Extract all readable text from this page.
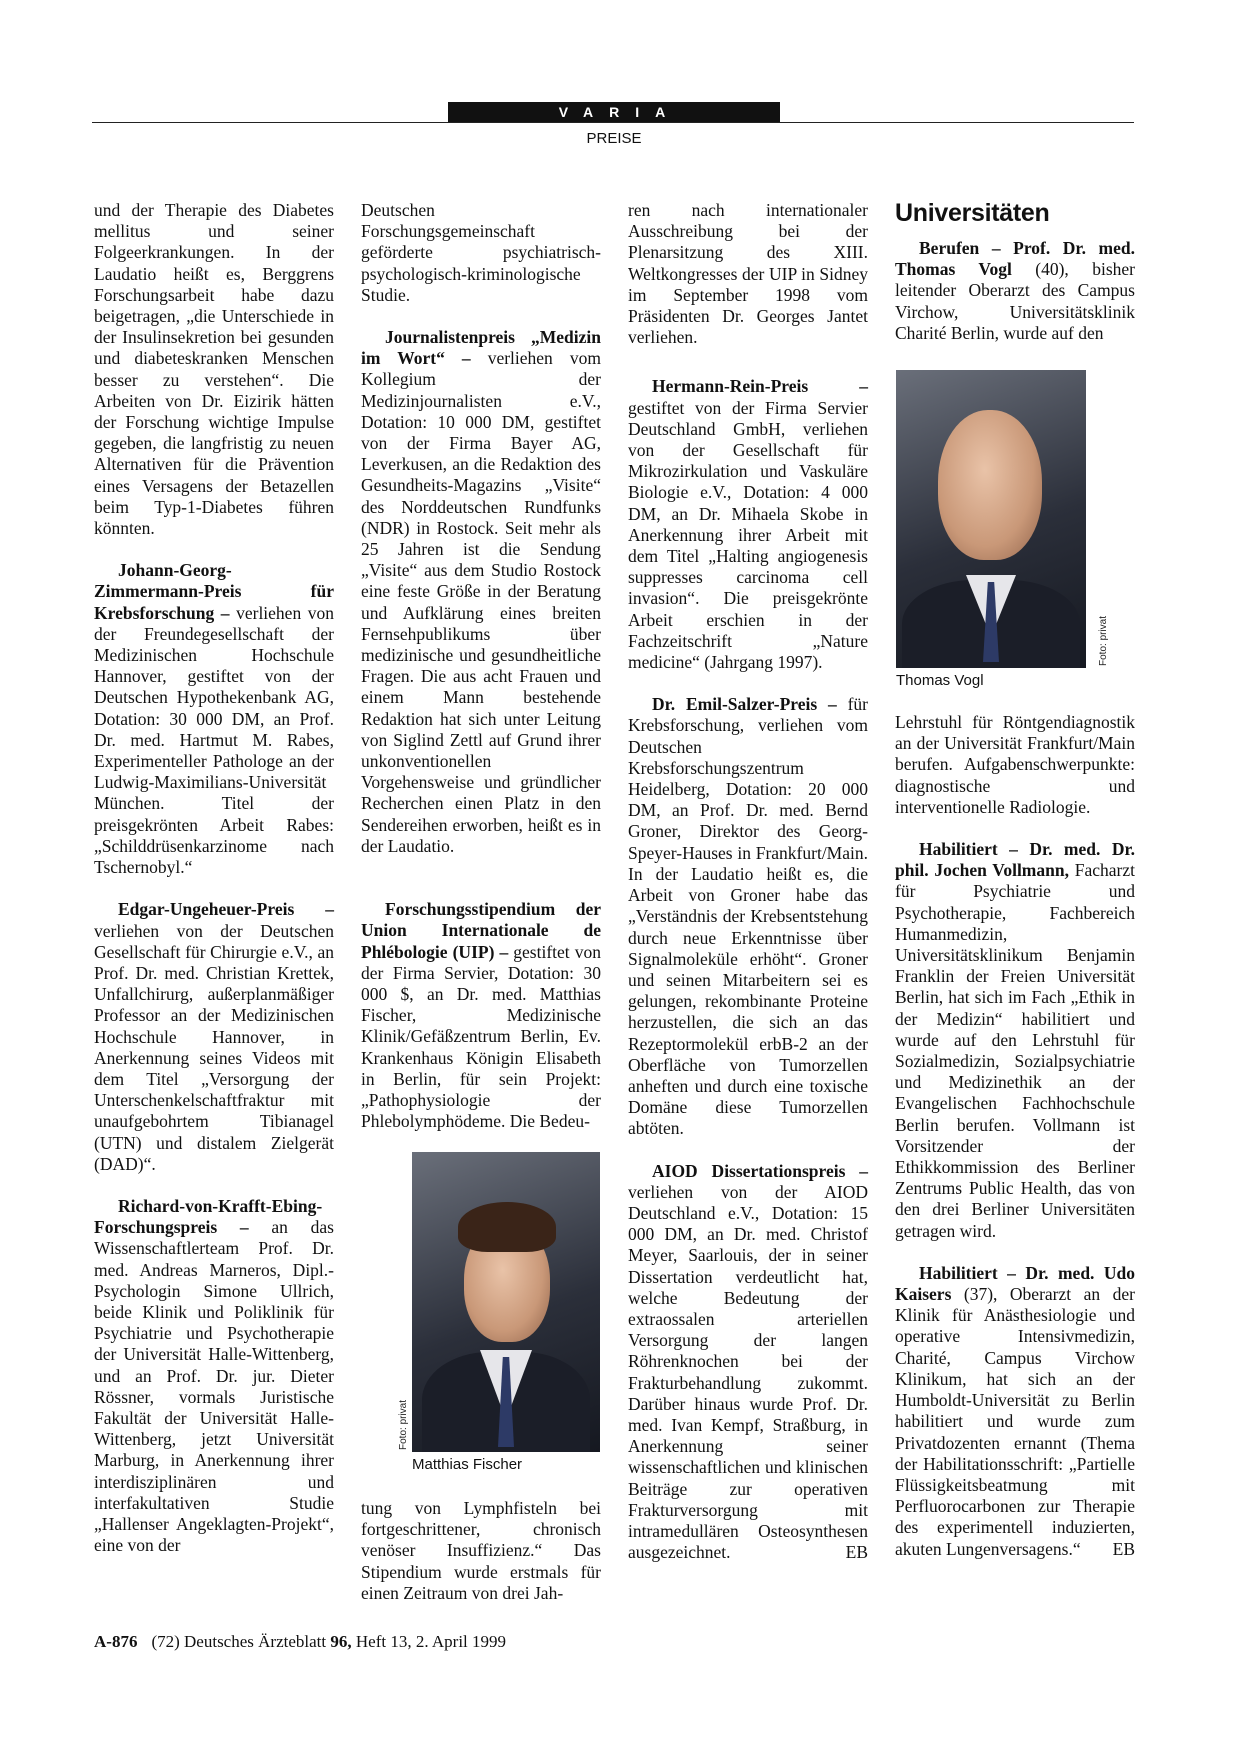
VARIA
PREISE

und der Therapie des Diabetes mellitus und seiner Folgeerkrankungen. In der Laudatio heißt es, Berggrens Forschungsarbeit habe dazu beigetragen, „die Unterschiede in der Insulinsekretion bei gesunden und diabeteskranken Menschen besser zu verstehen“. Die Arbeiten von Dr. Eizirik hätten der Forschung wichtige Impulse gegeben, die langfristig zu neuen Alternativen für die Prävention eines Versagens der Betazellen beim Typ-1-Diabetes führen könnten.

Johann-Georg-Zimmermann-Preis für Krebsforschung – verliehen von der Freundegesellschaft der Medizinischen Hochschule Hannover, gestiftet von der Deutschen Hypothekenbank AG, Dotation: 30 000 DM, an Prof. Dr. med. Hartmut M. Rabes, Experimenteller Pathologe an der Ludwig-Maximilians-Universität München. Titel der preisgekrönten Arbeit Rabes: „Schilddrüsenkarzinome nach Tschernobyl.“

Edgar-Ungeheuer-Preis – verliehen von der Deutschen Gesellschaft für Chirurgie e.V., an Prof. Dr. med. Christian Krettek, Unfallchirurg, außerplanmäßiger Professor an der Medizinischen Hochschule Hannover, in Anerkennung seines Videos mit dem Titel „Versorgung der Unterschenkelschaftfraktur mit unaufgebohrtem Tibianagel (UTN) und distalem Zielgerät (DAD)“.

Richard-von-Krafft-Ebing-Forschungspreis – an das Wissenschaftlerteam Prof. Dr. med. Andreas Marneros, Dipl.-Psychologin Simone Ullrich, beide Klinik und Poliklinik für Psychiatrie und Psychotherapie der Universität Halle-Wittenberg, und an Prof. Dr. jur. Dieter Rössner, vormals Juristische Fakultät der Universität Halle-Wittenberg, jetzt Universität Marburg, in Anerkennung ihrer interdisziplinären und interfakultativen Studie „Hallenser Angeklagten-Projekt“, eine von der

Deutschen Forschungsgemeinschaft geförderte psychiatrisch-psychologisch-kriminologische Studie.

Journalistenpreis „Medizin im Wort“ – verliehen vom Kollegium der Medizinjournalisten e.V., Dotation: 10 000 DM, gestiftet von der Firma Bayer AG, Leverkusen, an die Redaktion des Gesundheits-Magazins „Visite“ des Norddeutschen Rundfunks (NDR) in Rostock. Seit mehr als 25 Jahren ist die Sendung „Visite“ aus dem Studio Rostock eine feste Größe in der Beratung und Aufklärung eines breiten Fernsehpublikums über medizinische und gesundheitliche Fragen. Die aus acht Frauen und einem Mann bestehende Redaktion hat sich unter Leitung von Siglind Zettl auf Grund ihrer unkonventionellen Vorgehensweise und gründlicher Recherchen einen Platz in den Sendereihen erworben, heißt es in der Laudatio.

Forschungsstipendium der Union Internationale de Phlébologie (UIP) – gestiftet von der Firma Servier, Dotation: 30 000 $, an Dr. med. Matthias Fischer, Medizinische Klinik/Gefäßzentrum Berlin, Ev. Krankenhaus Königin Elisabeth in Berlin, für sein Projekt: „Pathophysiologie der Phlebolymphödeme. Die Bedeu-

Foto: privat
Matthias Fischer

tung von Lymphfisteln bei fortgeschrittener, chronisch venöser Insuffizienz.“ Das Stipendium wurde erstmals für einen Zeitraum von drei Jah-

ren nach internationaler Ausschreibung bei der Plenarsitzung des XIII. Weltkongresses der UIP in Sidney im September 1998 vom Präsidenten Dr. Georges Jantet verliehen.

Hermann-Rein-Preis – gestiftet von der Firma Servier Deutschland GmbH, verliehen von der Gesellschaft für Mikrozirkulation und Vaskuläre Biologie e.V., Dotation: 4 000 DM, an Dr. Mihaela Skobe in Anerkennung ihrer Arbeit mit dem Titel „Halting angiogenesis suppresses carcinoma cell invasion“. Die preisgekrönte Arbeit erschien in der Fachzeitschrift „Nature medicine“ (Jahrgang 1997).

Dr. Emil-Salzer-Preis – für Krebsforschung, verliehen vom Deutschen Krebsforschungszentrum Heidelberg, Dotation: 20 000 DM, an Prof. Dr. med. Bernd Groner, Direktor des Georg-Speyer-Hauses in Frankfurt/Main. In der Laudatio heißt es, die Arbeit von Groner habe das „Verständnis der Krebsentstehung durch neue Erkenntnisse über Signalmoleküle erhöht“. Groner und seinen Mitarbeitern sei es gelungen, rekombinante Proteine herzustellen, die sich an das Rezeptormolekül erbB-2 an der Oberfläche von Tumorzellen anheften und durch eine toxische Domäne diese Tumorzellen abtöten.

AIOD Dissertationspreis – verliehen von der AIOD Deutschland e.V., Dotation: 15 000 DM, an Dr. med. Christof Meyer, Saarlouis, der in seiner Dissertation verdeutlicht hat, welche Bedeutung der extraossalen arteriellen Versorgung der langen Röhrenknochen bei der Frakturbehandlung zukommt. Darüber hinaus wurde Prof. Dr. med. Ivan Kempf, Straßburg, in Anerkennung seiner wissenschaftlichen und klinischen Beiträge zur operativen Frakturversorgung mit intramedullären Osteosynthesen ausgezeichnet.	EB

Universitäten

Berufen – Prof. Dr. med. Thomas Vogl (40), bisher leitender Oberarzt des Campus Virchow, Universitätsklinik Charité Berlin, wurde auf den

Foto: privat
Thomas Vogl

Lehrstuhl für Röntgendiagnostik an der Universität Frankfurt/Main berufen. Aufgabenschwerpunkte: diagnostische und interventionelle Radiologie.

Habilitiert – Dr. med. Dr. phil. Jochen Vollmann, Facharzt für Psychiatrie und Psychotherapie, Fachbereich Humanmedizin, Universitätsklinikum Benjamin Franklin der Freien Universität Berlin, hat sich im Fach „Ethik in der Medizin“ habilitiert und wurde auf den Lehrstuhl für Sozialmedizin, Sozialpsychiatrie und Medizinethik an der Evangelischen Fachhochschule Berlin berufen. Vollmann ist Vorsitzender der Ethikkommission des Berliner Zentrums Public Health, das von den drei Berliner Universitäten getragen wird.

Habilitiert – Dr. med. Udo Kaisers (37), Oberarzt an der Klinik für Anästhesiologie und operative Intensivmedizin, Charité, Campus Virchow Klinikum, hat sich an der Humboldt-Universität zu Berlin habilitiert und wurde zum Privatdozenten ernannt (Thema der Habilitationsschrift: „Partielle Flüssigkeitsbeatmung mit Perfluorocarbonen zur Therapie des experimentell induzierten, akuten Lungenversagens.“	EB

A-876 (72) Deutsches Ärzteblatt 96, Heft 13, 2. April 1999
